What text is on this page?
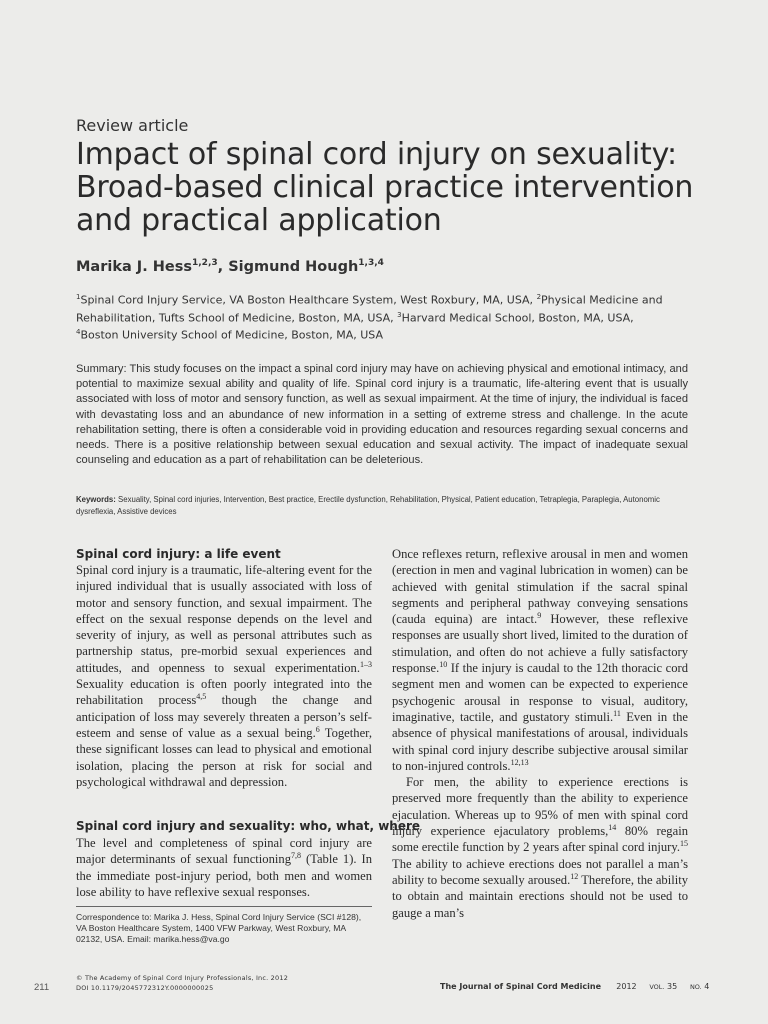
Review article
Impact of spinal cord injury on sexuality: Broad-based clinical practice intervention and practical application
Marika J. Hess$^{1,2,3}$, Sigmund Hough$^{1,3,4}$
$^1$Spinal Cord Injury Service, VA Boston Healthcare System, West Roxbury, MA, USA, $^2$Physical Medicine and Rehabilitation, Tufts School of Medicine, Boston, MA, USA, $^3$Harvard Medical School, Boston, MA, USA,
$^4$Boston University School of Medicine, Boston, MA, USA
Summary: This study focuses on the impact a spinal cord injury may have on achieving physical and emotional intimacy, and potential to maximize sexual ability and quality of life. Spinal cord injury is a traumatic, life-altering event that is usually associated with loss of motor and sensory function, as well as sexual impairment. At the time of injury, the individual is faced with devastating loss and an abundance of new information in a setting of extreme stress and challenge. In the acute rehabilitation setting, there is often a considerable void in providing education and resources regarding sexual concerns and needs. There is a positive relationship between sexual education and sexual activity. The impact of inadequate sexual counseling and education as a part of rehabilitation can be deleterious.
Keywords: Sexuality, Spinal cord injuries, Intervention, Best practice, Erectile dysfunction, Rehabilitation, Physical, Patient education, Tetraplegia, Paraplegia, Autonomic dysreflexia, Assistive devices
Spinal cord injury: a life event

Spinal cord injury is a traumatic, life-altering event for the injured individual that is usually associated with loss of motor and sensory function, and sexual impairment. The effect on the sexual response depends on the level and severity of injury, as well as personal attributes such as partnership status, pre-morbid sexual experiences and attitudes, and openness to sexual experimentation.$^{1-3}$ Sexuality education is often poorly integrated into the rehabilitation process$^{4,5}$ though the change and anticipation of loss may severely threaten a person’s self-esteem and sense of value as a sexual being.$^6$ Together, these significant losses can lead to physical and emotional isolation, placing the person at risk for social and psychological withdrawal and depression.

Spinal cord injury and sexuality: who, what, where

The level and completeness of spinal cord injury are major determinants of sexual functioning$^{7,8}$ (Table 1). In the immediate post-injury period, both men and women lose ability to have reflexive sexual responses.

Correspondence to: Marika J. Hess, Spinal Cord Injury Service (SCI #128), VA Boston Healthcare System, 1400 VFW Parkway, West Roxbury, MA 02132, USA. Email: marika.hess@va.go

Once reflexes return, reflexive arousal in men and women (erection in men and vaginal lubrication in women) can be achieved with genital stimulation if the sacral spinal segments and peripheral pathway conveying sensations (cauda equina) are intact.$^9$ However, these reflexive responses are usually short lived, limited to the duration of stimulation, and often do not achieve a fully satisfactory response.$^{10}$ If the injury is caudal to the 12th thoracic cord segment men and women can be expected to experience psychogenic arousal in response to visual, auditory, imaginative, tactile, and gustatory stimuli.$^{11}$ Even in the absence of physical manifestations of arousal, individuals with spinal cord injury describe subjective arousal similar to non-injured controls.$^{12,13}$

For men, the ability to experience erections is preserved more frequently than the ability to experience ejaculation. Whereas up to 95% of men with spinal cord injury experience ejaculatory problems,$^{14}$ 80% regain some erectile function by 2 years after spinal cord injury.$^{15}$ The ability to achieve erections does not parallel a man’s ability to become sexually aroused.$^{12}$ Therefore, the ability to obtain and maintain erections should not be used to gauge a man’s

211
© The Academy of Spinal Cord Injury Professionals, Inc. 2012
DOI 10.1179/2045772312Y.0000000025	The Journal of Spinal Cord Medicine 2012 VOL. 35 NO. 4
